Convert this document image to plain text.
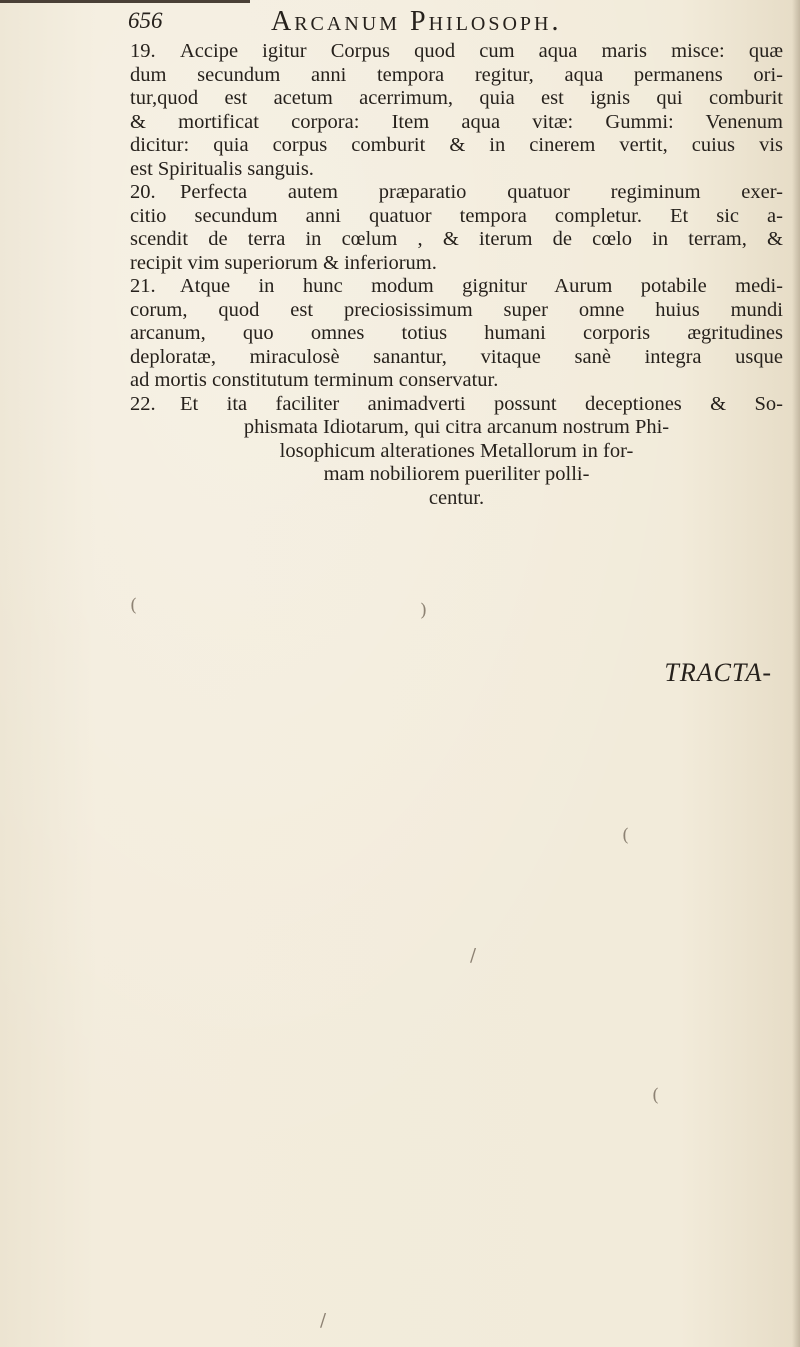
656	Arcanum Philosoph.
19. Accipe igitur Corpus quod cum aqua maris misce: quæ
dum secundum anni tempora regitur, aqua permanens ori-
tur,quod est acetum acerrimum, quia est ignis qui comburit
& mortificat corpora: Item aqua vitæ: Gummi: Venenum
dicitur: quia corpus comburit & in cinerem vertit, cuius vis
est Spiritualis sanguis.
20. Perfecta autem præparatio quatuor regiminum exer-
citio secundum anni quatuor tempora completur. Et sic a-
scendit de terra in cœlum , & iterum de cœlo in terram, &
recipit vim superiorum & inferiorum.
21. Atque in hunc modum gignitur Aurum potabile medi-
corum, quod est preciosissimum super omne huius mundi
arcanum, quo omnes totius humani corporis ægritudines
deploratæ, miraculosè sanantur, vitaque sanè integra usque
ad mortis constitutum terminum conservatur.
22. Et ita faciliter animadverti possunt deceptiones & So-
phismata Idiotarum, qui citra arcanum nostrum Phi-
losophicum alterationes Metallorum in for-
mam nobiliorem pueriliter polli-
centur.
TRACTA-
(	)
(
/
(
/
